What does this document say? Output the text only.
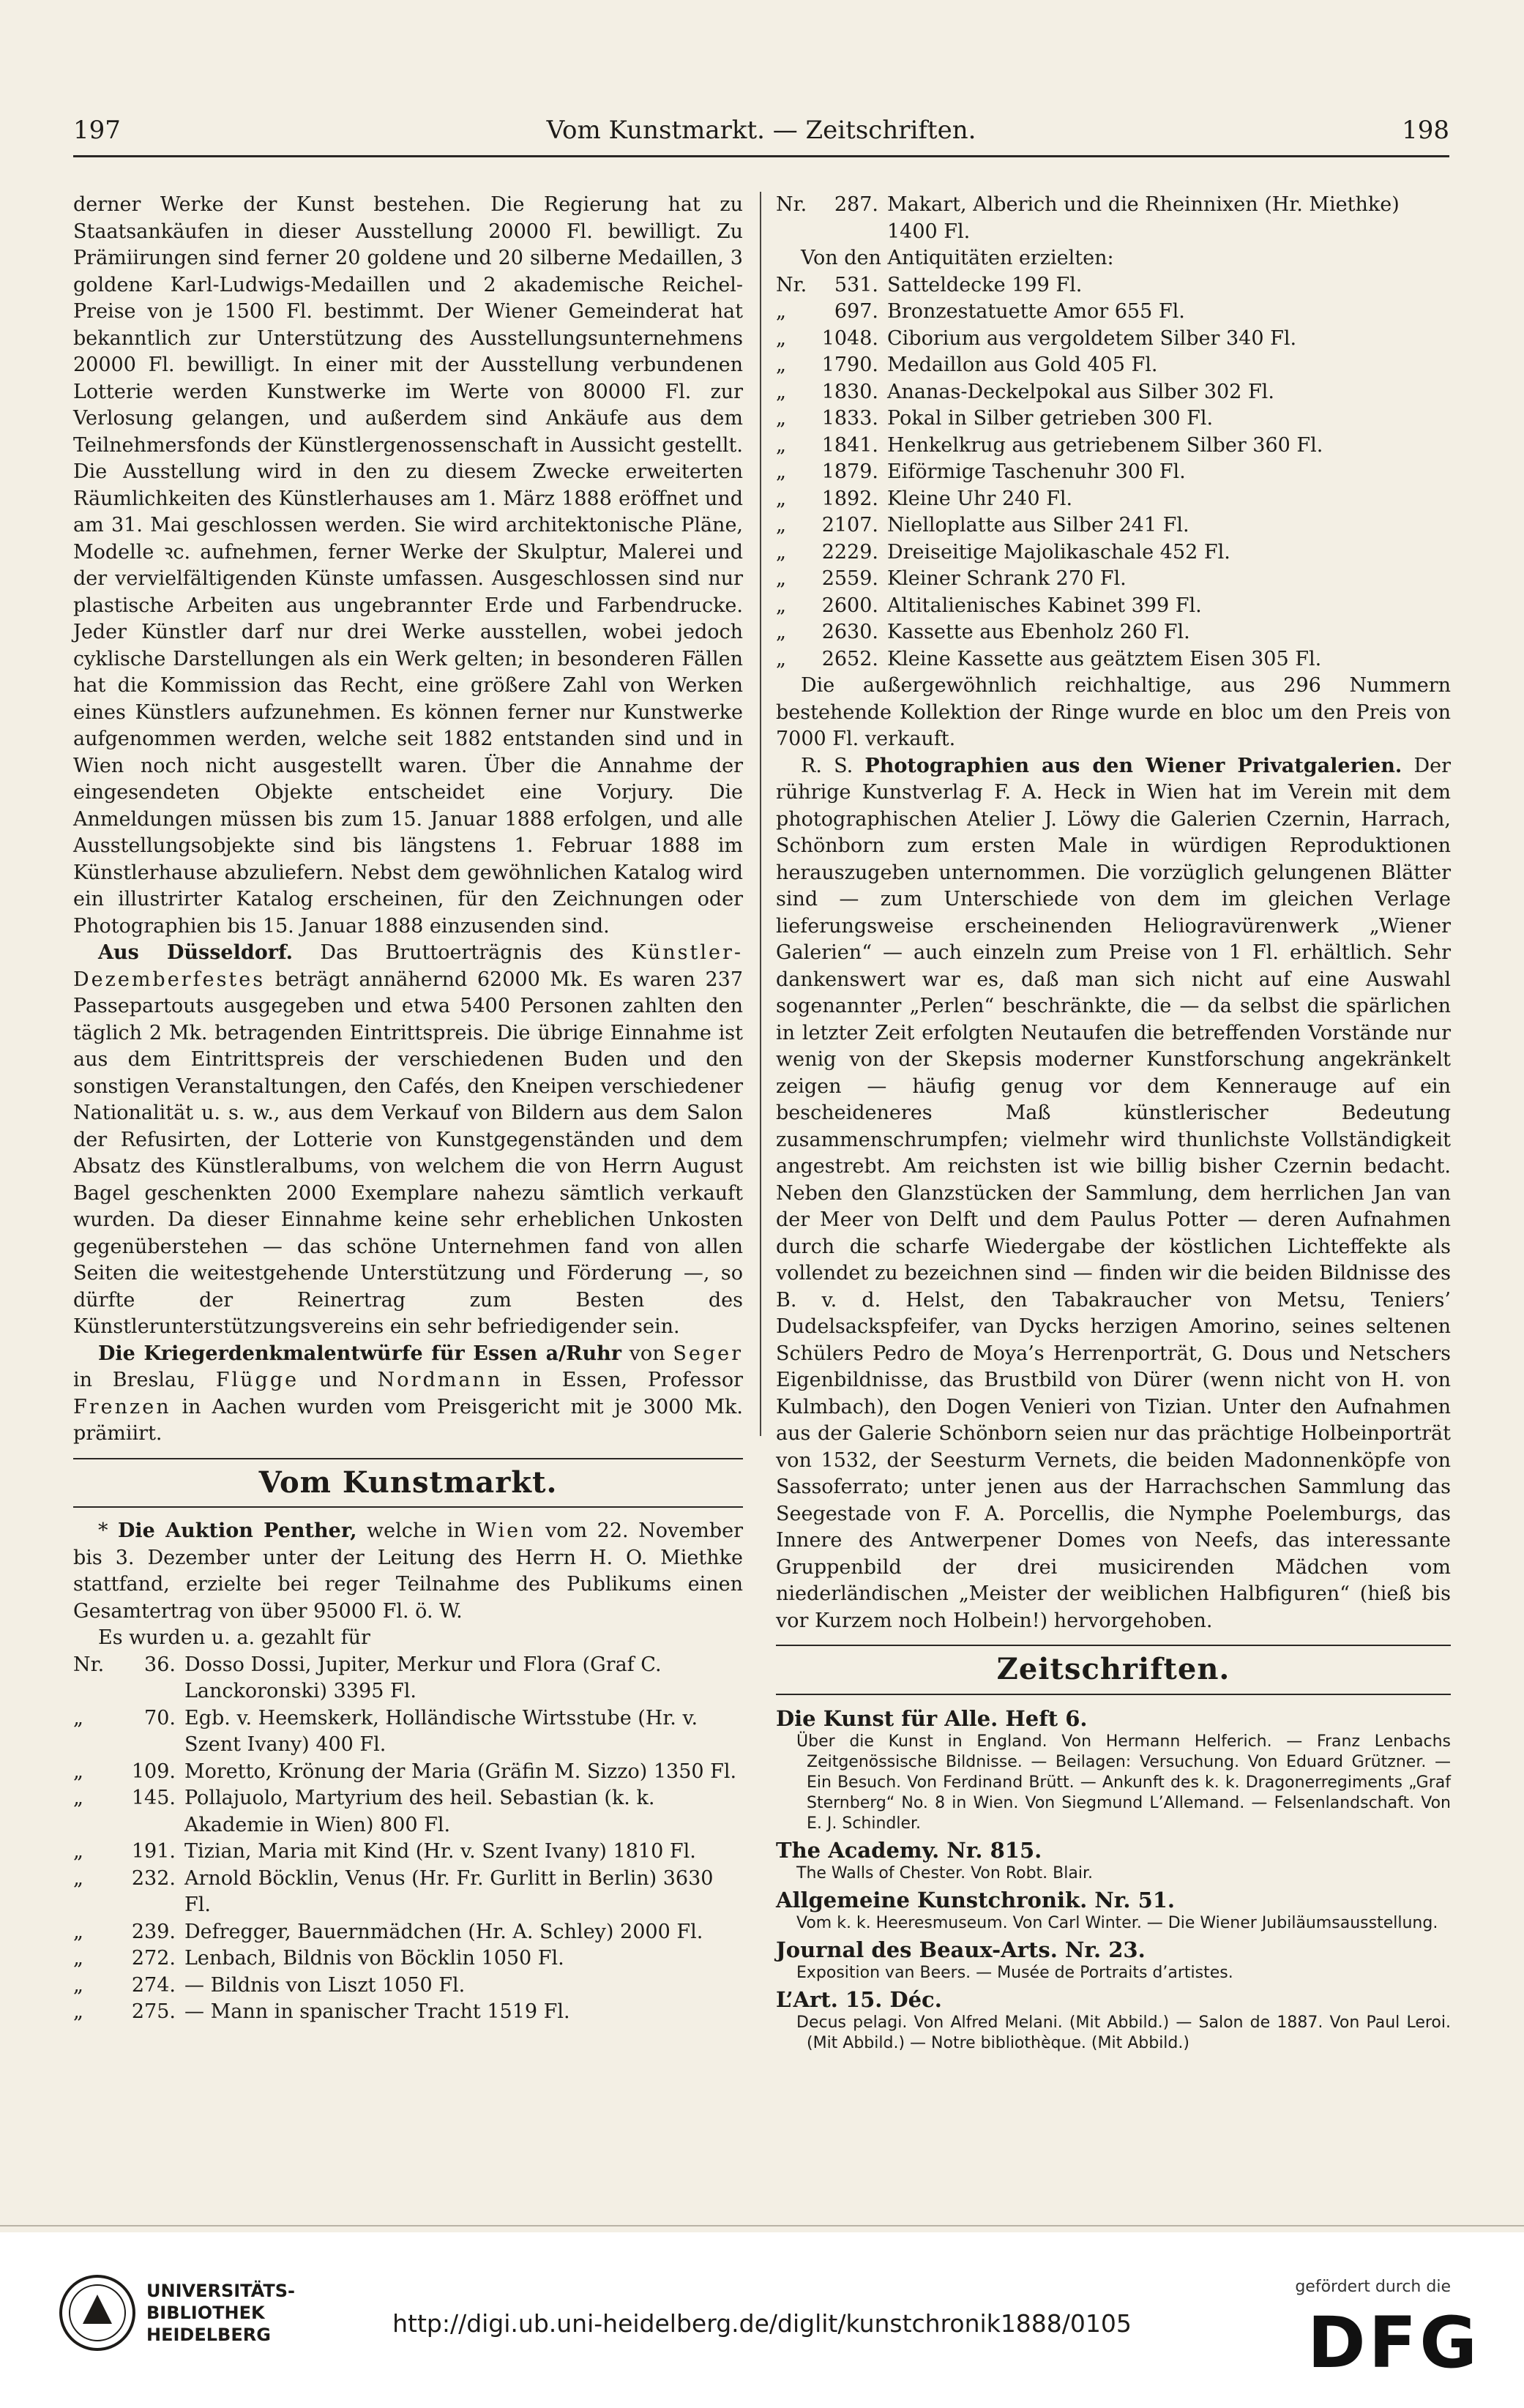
197	Vom Kunstmarkt. — Zeitschriften.	198

derner Werke der Kunst bestehen. Die Regierung hat zu Staatsankäufen in dieser Ausstellung 20000 Fl. bewilligt. Zu Prämiirungen sind ferner 20 goldene und 20 silberne Medaillen, 3 goldene Karl-Ludwigs-Medaillen und 2 akademische Reichel-Preise von je 1500 Fl. bestimmt. Der Wiener Gemeinderat hat bekanntlich zur Unterstützung des Ausstellungsunternehmens 20000 Fl. bewilligt. In einer mit der Ausstellung verbundenen Lotterie werden Kunstwerke im Werte von 80000 Fl. zur Verlosung gelangen, und außerdem sind Ankäufe aus dem Teilnehmersfonds der Künstlergenossenschaft in Aussicht gestellt. Die Ausstellung wird in den zu diesem Zwecke erweiterten Räumlichkeiten des Künstlerhauses am 1. März 1888 eröffnet und am 31. Mai geschlossen werden. Sie wird architektonische Pläne, Modelle ꝛc. aufnehmen, ferner Werke der Skulptur, Malerei und der vervielfältigenden Künste umfassen. Ausgeschlossen sind nur plastische Arbeiten aus ungebrannter Erde und Farbendrucke. Jeder Künstler darf nur drei Werke ausstellen, wobei jedoch cyklische Darstellungen als ein Werk gelten; in besonderen Fällen hat die Kommission das Recht, eine größere Zahl von Werken eines Künstlers aufzunehmen. Es können ferner nur Kunstwerke aufgenommen werden, welche seit 1882 entstanden sind und in Wien noch nicht ausgestellt waren. Über die Annahme der eingesendeten Objekte entscheidet eine Vorjury. Die Anmeldungen müssen bis zum 15. Januar 1888 erfolgen, und alle Ausstellungsobjekte sind bis längstens 1. Februar 1888 im Künstlerhause abzuliefern. Nebst dem gewöhnlichen Katalog wird ein illustrirter Katalog erscheinen, für den Zeichnungen oder Photographien bis 15. Januar 1888 einzusenden sind.

Aus Düsseldorf. Das Bruttoerträgnis des Künstler-Dezemberfestes beträgt annähernd 62000 Mk. Es waren 237 Passepartouts ausgegeben und etwa 5400 Personen zahlten den täglich 2 Mk. betragenden Eintrittspreis. Die übrige Einnahme ist aus dem Eintrittspreis der verschiedenen Buden und den sonstigen Veranstaltungen, den Cafés, den Kneipen verschiedener Nationalität u. s. w., aus dem Verkauf von Bildern aus dem Salon der Refusirten, der Lotterie von Kunstgegenständen und dem Absatz des Künstleralbums, von welchem die von Herrn August Bagel geschenkten 2000 Exemplare nahezu sämtlich verkauft wurden. Da dieser Einnahme keine sehr erheblichen Unkosten gegenüberstehen — das schöne Unternehmen fand von allen Seiten die weitestgehende Unterstützung und Förderung —, so dürfte der Reinertrag zum Besten des Künstlerunterstützungsvereins ein sehr befriedigender sein.

Die Kriegerdenkmalentwürfe für Essen a/Ruhr von Seger in Breslau, Flügge und Nordmann in Essen, Professor Frenzen in Aachen wurden vom Preisgericht mit je 3000 Mk. prämiirt.

Vom Kunstmarkt.

* Die Auktion Penther, welche in Wien vom 22. November bis 3. Dezember unter der Leitung des Herrn H. O. Miethke stattfand, erzielte bei reger Teilnahme des Publikums einen Gesamtertrag von über 95000 Fl. ö. W.

Es wurden u. a. gezahlt für

Nr.	36. Dosso Dossi, Jupiter, Merkur und Flora (Graf C. Lanckoronski) 3395 Fl.
„	70. Egb. v. Heemskerk, Holländische Wirtsstube (Hr. v. Szent Ivany) 400 Fl.
„	109. Moretto, Krönung der Maria (Gräfin M. Sizzo) 1350 Fl.
„	145. Pollajuolo, Martyrium des heil. Sebastian (k. k. Akademie in Wien) 800 Fl.
„	191. Tizian, Maria mit Kind (Hr. v. Szent Ivany) 1810 Fl.
„	232. Arnold Böcklin, Venus (Hr. Fr. Gurlitt in Berlin) 3630 Fl.
„	239. Defregger, Bauernmädchen (Hr. A. Schley) 2000 Fl.
„	272. Lenbach, Bildnis von Böcklin 1050 Fl.
„	274. — Bildnis von Liszt 1050 Fl.
„	275. — Mann in spanischer Tracht 1519 Fl.
Nr.	287. Makart, Alberich und die Rheinnixen (Hr. Miethke) 1400 Fl.

Von den Antiquitäten erzielten:

Nr.	531. Satteldecke 199 Fl.
„	697. Bronzestatuette Amor 655 Fl.
„	1048. Ciborium aus vergoldetem Silber 340 Fl.
„	1790. Medaillon aus Gold 405 Fl.
„	1830. Ananas-Deckelpokal aus Silber 302 Fl.
„	1833. Pokal in Silber getrieben 300 Fl.
„	1841. Henkelkrug aus getriebenem Silber 360 Fl.
„	1879. Eiförmige Taschenuhr 300 Fl.
„	1892. Kleine Uhr 240 Fl.
„	2107. Nielloplatte aus Silber 241 Fl.
„	2229. Dreiseitige Majolikaschale 452 Fl.
„	2559. Kleiner Schrank 270 Fl.
„	2600. Altitalienisches Kabinet 399 Fl.
„	2630. Kassette aus Ebenholz 260 Fl.
„	2652. Kleine Kassette aus geätztem Eisen 305 Fl.

Die außergewöhnlich reichhaltige, aus 296 Nummern bestehende Kollektion der Ringe wurde en bloc um den Preis von 7000 Fl. verkauft.

R. S. Photographien aus den Wiener Privatgalerien. Der rührige Kunstverlag F. A. Heck in Wien hat im Verein mit dem photographischen Atelier J. Löwy die Galerien Czernin, Harrach, Schönborn zum ersten Male in würdigen Reproduktionen herauszugeben unternommen. Die vorzüglich gelungenen Blätter sind — zum Unterschiede von dem im gleichen Verlage lieferungsweise erscheinenden Heliogravürenwerk „Wiener Galerien“ — auch einzeln zum Preise von 1 Fl. erhältlich. Sehr dankenswert war es, daß man sich nicht auf eine Auswahl sogenannter „Perlen“ beschränkte, die — da selbst die spärlichen in letzter Zeit erfolgten Neutaufen die betreffenden Vorstände nur wenig von der Skepsis moderner Kunstforschung angekränkelt zeigen — häufig genug vor dem Kennerauge auf ein bescheideneres Maß künstlerischer Bedeutung zusammenschrumpfen; vielmehr wird thunlichste Vollständigkeit angestrebt. Am reichsten ist wie billig bisher Czernin bedacht. Neben den Glanzstücken der Sammlung, dem herrlichen Jan van der Meer von Delft und dem Paulus Potter — deren Aufnahmen durch die scharfe Wiedergabe der köstlichen Lichteffekte als vollendet zu bezeichnen sind — finden wir die beiden Bildnisse des B. v. d. Helst, den Tabakraucher von Metsu, Teniers’ Dudelsackspfeifer, van Dycks herzigen Amorino, seines seltenen Schülers Pedro de Moya’s Herrenporträt, G. Dous und Netschers Eigenbildnisse, das Brustbild von Dürer (wenn nicht von H. von Kulmbach), den Dogen Venieri von Tizian. Unter den Aufnahmen aus der Galerie Schönborn seien nur das prächtige Holbeinporträt von 1532, der Seesturm Vernets, die beiden Madonnenköpfe von Sassoferrato; unter jenen aus der Harrachschen Sammlung das Seegestade von F. A. Porcellis, die Nymphe Poelemburgs, das Innere des Antwerpener Domes von Neefs, das interessante Gruppenbild der drei musicirenden Mädchen vom niederländischen „Meister der weiblichen Halbfiguren“ (hieß bis vor Kurzem noch Holbein!) hervorgehoben.

Zeitschriften.
Die Kunst für Alle. Heft 6.
Über die Kunst in England. Von Hermann Helferich. — Franz Lenbachs Zeitgenössische Bildnisse. — Beilagen: Versuchung. Von Eduard Grützner. — Ein Besuch. Von Ferdinand Brütt. — Ankunft des k. k. Dragonerregiments „Graf Sternberg“ No. 8 in Wien. Von Siegmund L’Allemand. — Felsenlandschaft. Von E. J. Schindler.
The Academy. Nr. 815.
The Walls of Chester. Von Robt. Blair.
Allgemeine Kunstchronik. Nr. 51.
Vom k. k. Heeresmuseum. Von Carl Winter. — Die Wiener Jubiläumsausstellung.
Journal des Beaux-Arts. Nr. 23.
Exposition van Beers. — Musée de Portraits d’artistes.
L’Art. 15. Déc.
Decus pelagi. Von Alfred Melani. (Mit Abbild.) — Salon de 1887. Von Paul Leroi. (Mit Abbild.) — Notre bibliothèque. (Mit Abbild.)
UNIVERSITÄTS-
BIBLIOTHEK
HEIDELBERG	http://digi.ub.uni-heidelberg.de/diglit/kunstchronik1888/0105
gefördert durch die
DFG
